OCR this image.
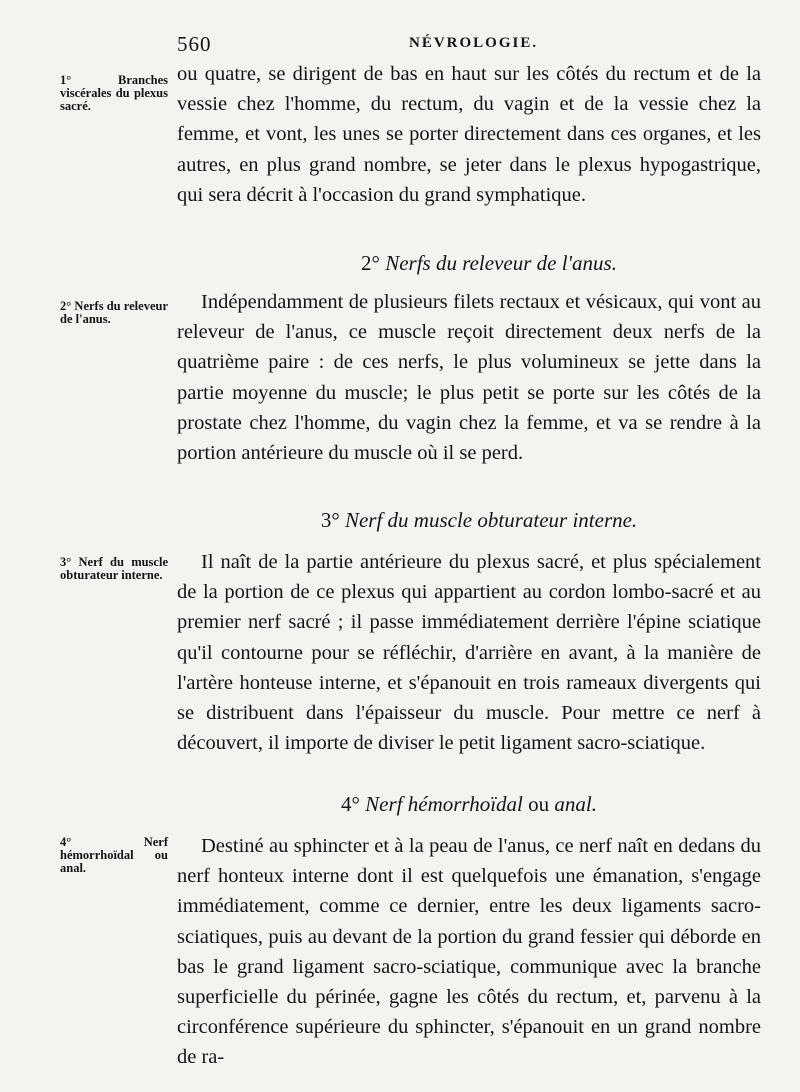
560	NÉVROLOGIE.
1° Branches viscérales du plexus sacré.

ou quatre, se dirigent de bas en haut sur les côtés du rectum et de la vessie chez l'homme, du rectum, du vagin et de la vessie chez la femme, et vont, les unes se porter directement dans ces organes, et les autres, en plus grand nombre, se jeter dans le plexus hypogastrique, qui sera décrit à l'occasion du grand symphatique.

2° Nerfs du releveur de l'anus.
2° Nerfs du releveur de l'anus.

Indépendamment de plusieurs filets rectaux et vésicaux, qui vont au releveur de l'anus, ce muscle reçoit directement deux nerfs de la quatrième paire : de ces nerfs, le plus volumineux se jette dans la partie moyenne du muscle; le plus petit se porte sur les côtés de la prostate chez l'homme, du vagin chez la femme, et va se rendre à la portion antérieure du muscle où il se perd.

3° Nerf du muscle obturateur interne.
3° Nerf du muscle obturateur interne.

Il naît de la partie antérieure du plexus sacré, et plus spécialement de la portion de ce plexus qui appartient au cordon lombo-sacré et au premier nerf sacré ; il passe immédiatement derrière l'épine sciatique qu'il contourne pour se réfléchir, d'arrière en avant, à la manière de l'artère honteuse interne, et s'épanouit en trois rameaux divergents qui se distribuent dans l'épaisseur du muscle. Pour mettre ce nerf à découvert, il importe de diviser le petit ligament sacro-sciatique.

4° Nerf hémorrhoïdal ou anal.
4° Nerf hémorrhoïdal ou anal.

Destiné au sphincter et à la peau de l'anus, ce nerf naît en dedans du nerf honteux interne dont il est quelquefois une émanation, s'engage immédiatement, comme ce dernier, entre les deux ligaments sacro-sciatiques, puis au devant de la portion du grand fessier qui déborde en bas le grand ligament sacro-sciatique, communique avec la branche superficielle du périnée, gagne les côtés du rectum, et, parvenu à la circonférence supérieure du sphincter, s'épanouit en un grand nombre de ra-
